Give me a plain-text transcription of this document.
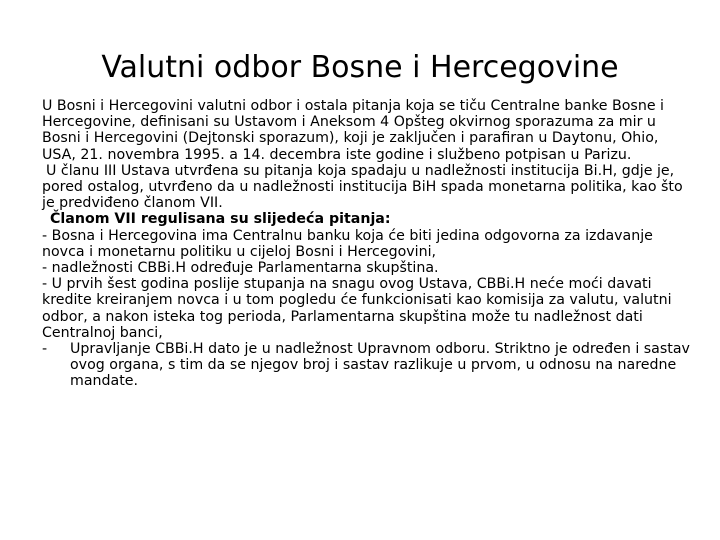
Valutni odbor Bosne i Hercegovine

U Bosni i Hercegovini valutni odbor i ostala pitanja koja se tiču Centralne banke Bosne i Hercegovine, definisani su Ustavom i Aneksom 4 Opšteg okvirnog sporazuma za mir u Bosni i Hercegovini (Dejtonski sporazum), koji je zaključen i parafiran u Daytonu, Ohio, USA, 21. novembra 1995. a 14. decembra iste godine i službeno potpisan u Parizu.

U članu III Ustava utvrđena su pitanja koja spadaju u nadležnosti institucija Bi.H, gdje je, pored ostalog, utvrđeno da u nadležnosti institucija BiH spada monetarna politika, kao što je predviđeno članom VII.

Članom VII regulisana su slijedeća pitanja:

- Bosna i Hercegovina ima Centralnu banku koja će biti jedina odgovorna za izdavanje novca i monetarnu politiku u cijeloj Bosni i Hercegovini,

- nadležnosti CBBi.H određuje Parlamentarna skupština.

- U prvih šest godina poslije stupanja na snagu ovog Ustava, CBBi.H neće moći davati kredite kreiranjem novca i u tom pogledu će funkcionisati kao komisija za valutu, valutni odbor, a nakon isteka tog perioda, Parlamentarna skupština može tu nadležnost dati Centralnoj banci,

- Upravljanje CBBi.H dato je u nadležnost Upravnom odboru. Striktno je određen i sastav ovog organa, s tim da se njegov broj i sastav razlikuje u prvom, u odnosu na naredne mandate.
